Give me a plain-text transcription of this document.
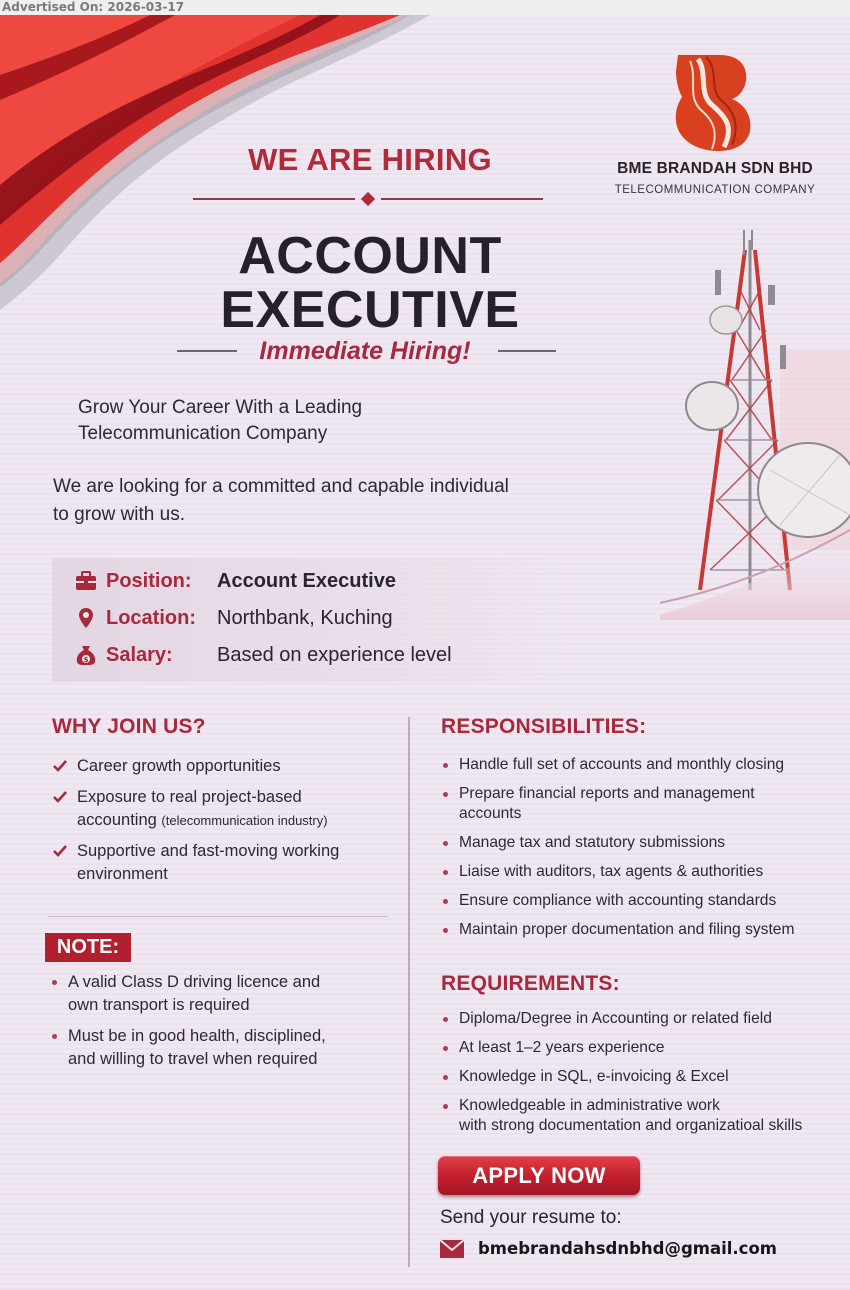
Advertised On: 2026-03-17
WE ARE HIRING
ACCOUNT
EXECUTIVE
Immediate Hiring!
BME BRANDAH SDN BHD
TELECOMMUNICATION COMPANY
Grow Your Career With a Leading
Telecommunication Company
We are looking for a committed and capable individual
to grow with us.
Position:	Account Executive
Location:	Northbank, Kuching
$ Salary:	Based on experience level
WHY JOIN US?
Career growth opportunities
Exposure to real project-based
accounting (telecommunication industry)
Supportive and fast-moving working
environment
NOTE:
A valid Class D driving licence and
own transport is required
Must be in good health, disciplined,
and willing to travel when required
RESPONSIBILITIES:
Handle full set of accounts and monthly closing
Prepare financial reports and management
accounts
Manage tax and statutory submissions
Liaise with auditors, tax agents & authorities
Ensure compliance with accounting standards
Maintain proper documentation and filing system
REQUIREMENTS:
Diploma/Degree in Accounting or related field
At least 1–2 years experience
Knowledge in SQL, e-invoicing & Excel
Knowledgeable in administrative work
with strong documentation and organizatioal skills
APPLY NOW
Send your resume to:
bmebrandahsdnbhd@gmail.com
